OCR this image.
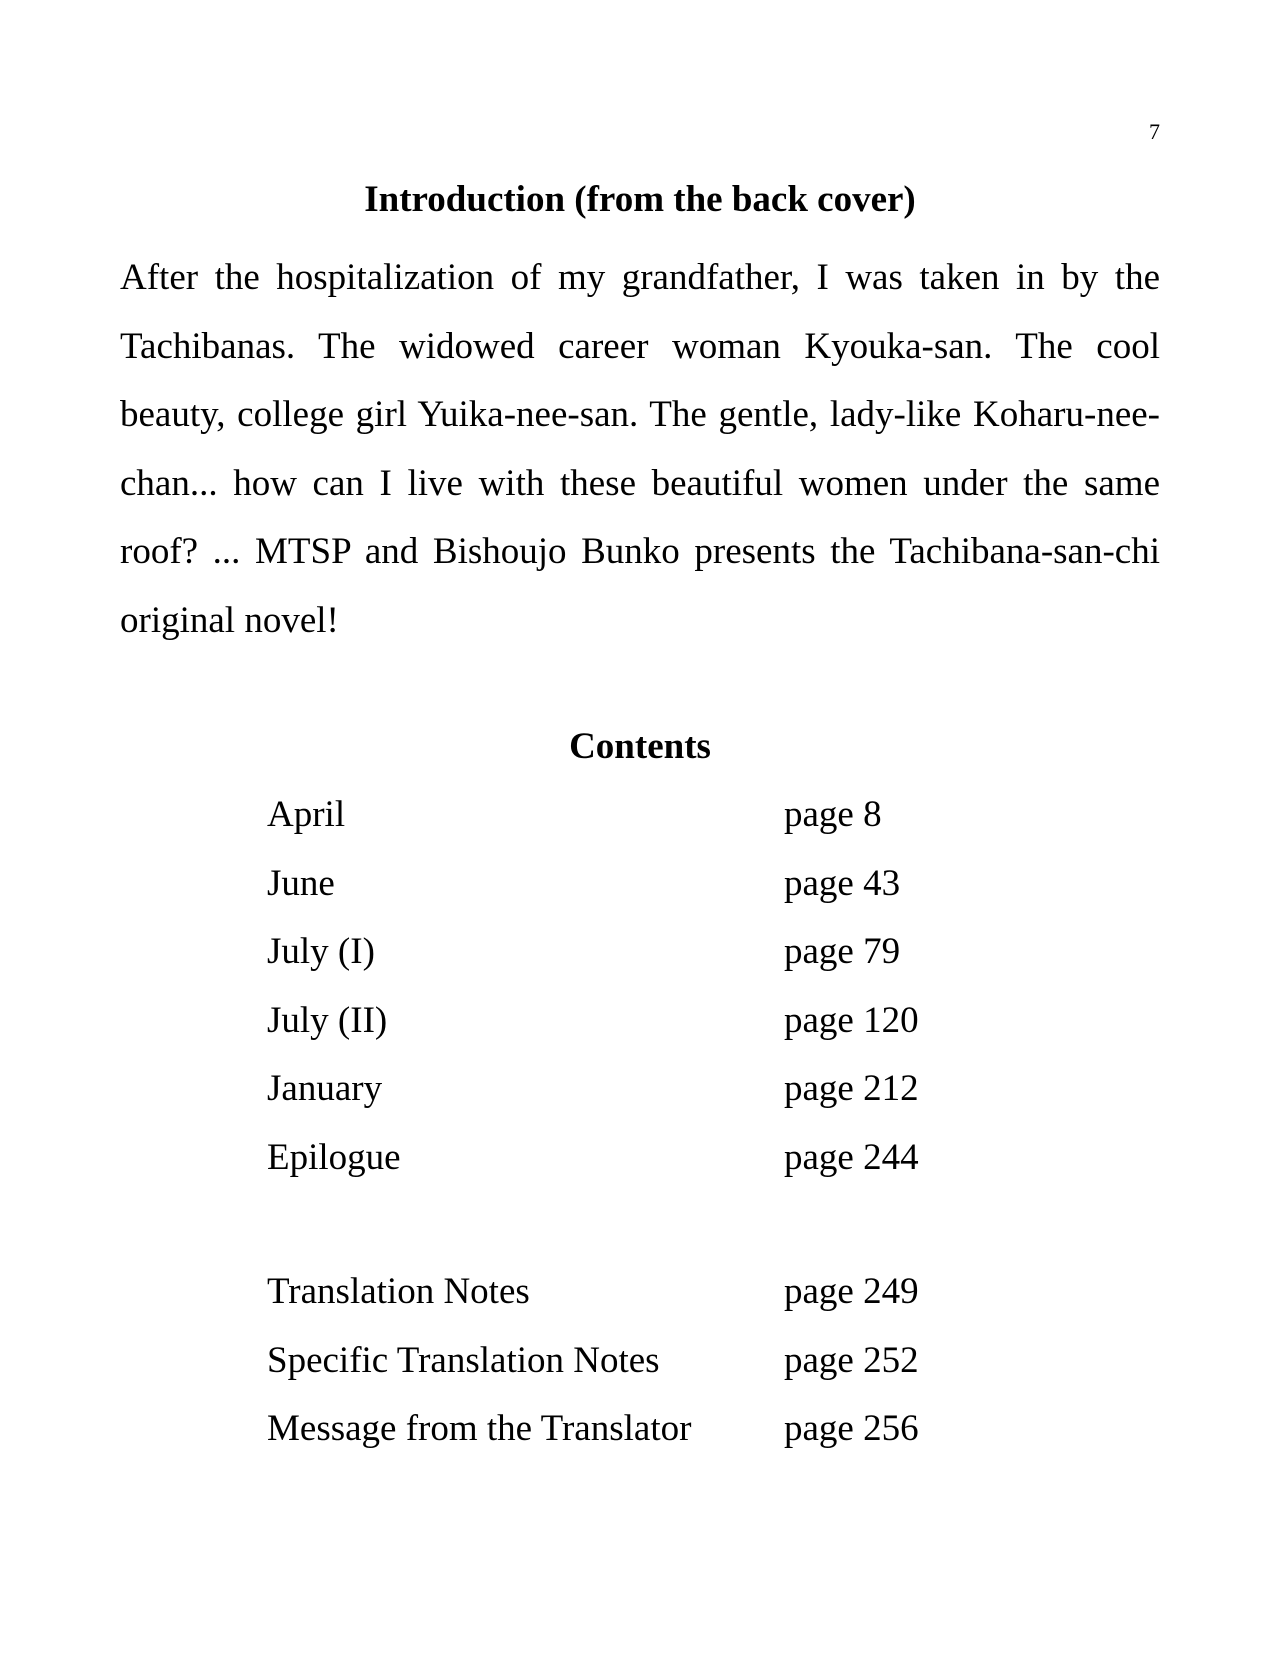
7
Introduction (from the back cover)

After the hospitalization of my grandfather, I was taken in by the Tachibanas. The widowed career woman Kyouka-san. The cool beauty, college girl Yuika-nee-san. The gentle, lady-like Koharu-nee-chan... how can I live with these beautiful women under the same roof? ... MTSP and Bishoujo Bunko presents the Tachibana-san-chi original novel!

Contents
April	page 8
June	page 43
July (I)	page 79
July (II)	page 120
January	page 212
Epilogue	page 244
Translation Notes	page 249
Specific Translation Notes	page 252
Message from the Translator	page 256
